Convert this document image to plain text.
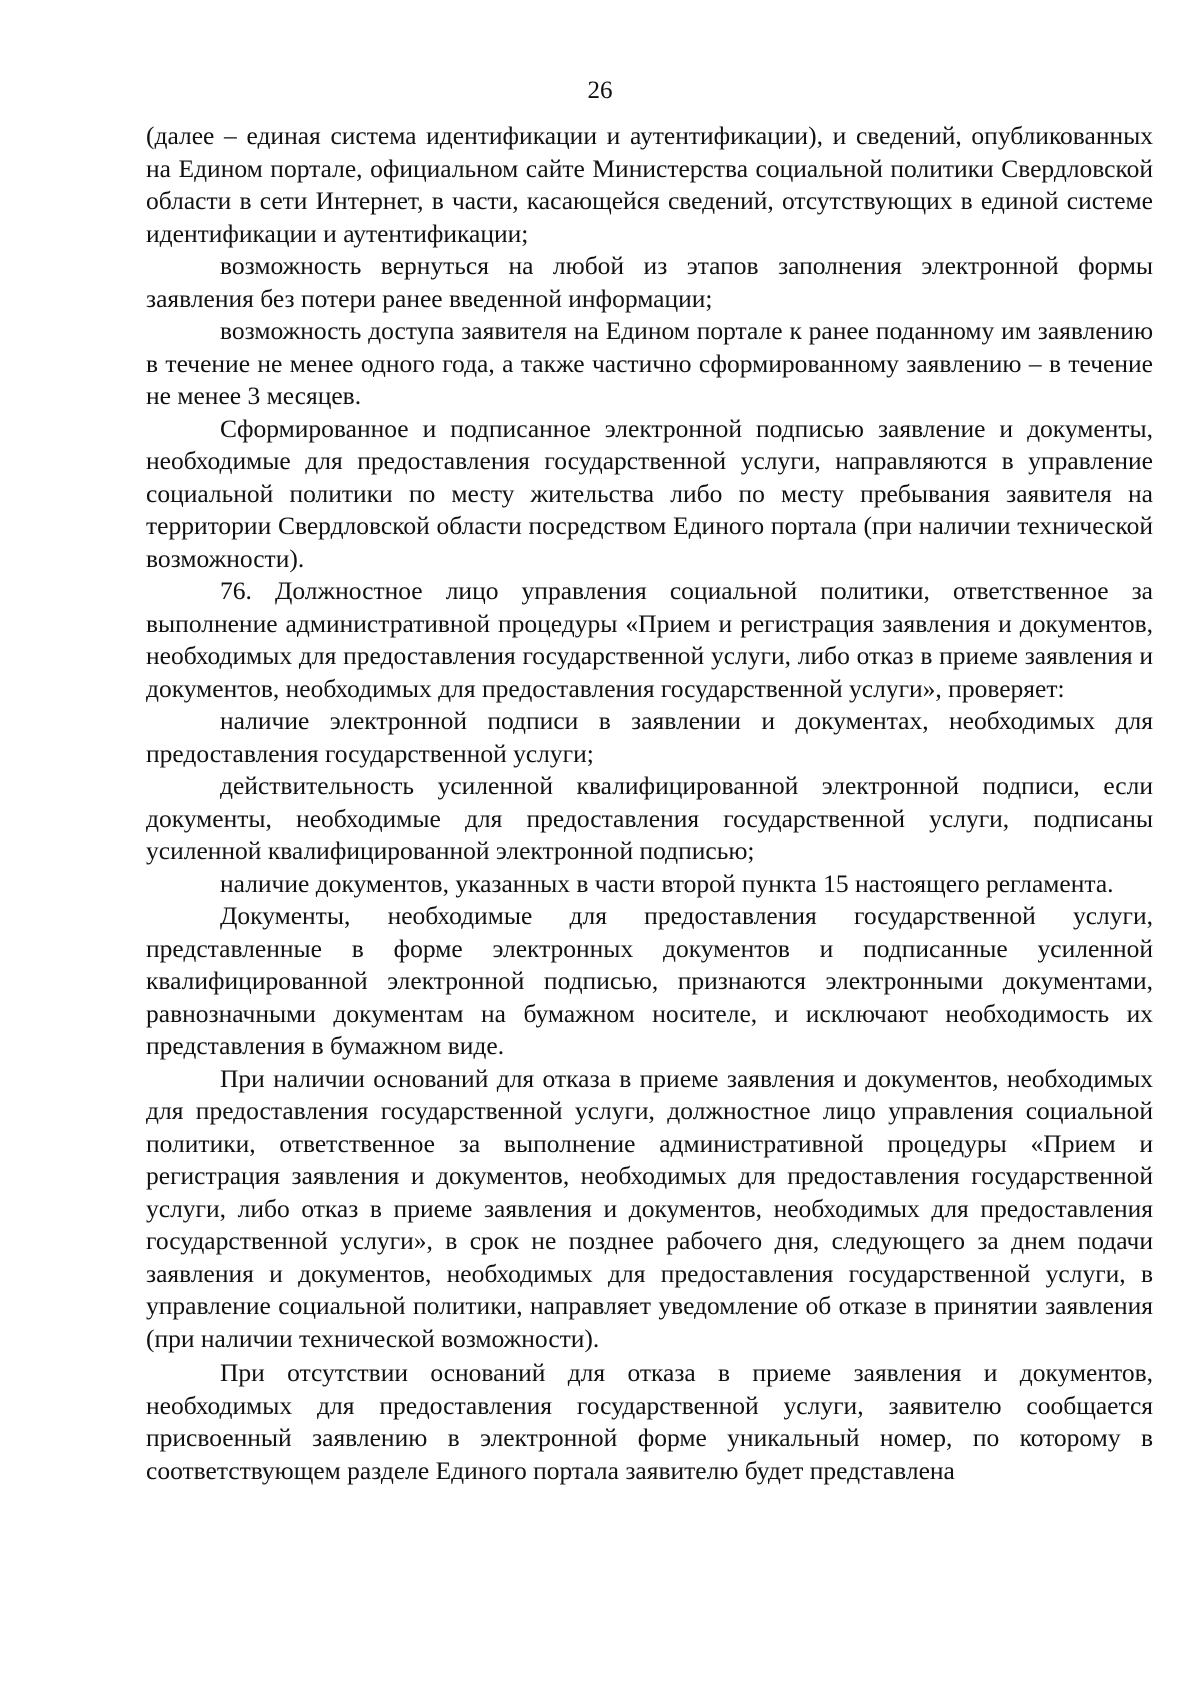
26

(далее – единая система идентификации и аутентификации), и сведений, опубликованных на Едином портале, официальном сайте Министерства социальной политики Свердловской области в сети Интернет, в части, касающейся сведений, отсутствующих в единой системе идентификации и аутентификации;

возможность вернуться на любой из этапов заполнения электронной формы заявления без потери ранее введенной информации;

возможность доступа заявителя на Едином портале к ранее поданному им заявлению в течение не менее одного года, а также частично сформированному заявлению – в течение не менее 3 месяцев.

Сформированное и подписанное электронной подписью заявление и документы, необходимые для предоставления государственной услуги, направляются в управление социальной политики по месту жительства либо по месту пребывания заявителя на территории Свердловской области посредством Единого портала (при наличии технической возможности).

76. Должностное лицо управления социальной политики, ответственное за выполнение административной процедуры «Прием и регистрация заявления и документов, необходимых для предоставления государственной услуги, либо отказ в приеме заявления и документов, необходимых для предоставления государственной услуги», проверяет:

наличие электронной подписи в заявлении и документах, необходимых для предоставления государственной услуги;

действительность усиленной квалифицированной электронной подписи, если документы, необходимые для предоставления государственной услуги, подписаны усиленной квалифицированной электронной подписью;

наличие документов, указанных в части второй пункта 15 настоящего регламента.

Документы, необходимые для предоставления государственной услуги, представленные в форме электронных документов и подписанные усиленной квалифицированной электронной подписью, признаются электронными документами, равнозначными документам на бумажном носителе, и исключают необходимость их представления в бумажном виде.

При наличии оснований для отказа в приеме заявления и документов, необходимых для предоставления государственной услуги, должностное лицо управления социальной политики, ответственное за выполнение административной процедуры «Прием и регистрация заявления и документов, необходимых для предоставления государственной услуги, либо отказ в приеме заявления и документов, необходимых для предоставления государственной услуги», в срок не позднее рабочего дня, следующего за днем подачи заявления и документов, необходимых для предоставления государственной услуги, в управление социальной политики, направляет уведомление об отказе в принятии заявления (при наличии технической возможности).

При отсутствии оснований для отказа в приеме заявления и документов, необходимых для предоставления государственной услуги, заявителю сообщается присвоенный заявлению в электронной форме уникальный номер, по которому в соответствующем разделе Единого портала заявителю будет представлена
